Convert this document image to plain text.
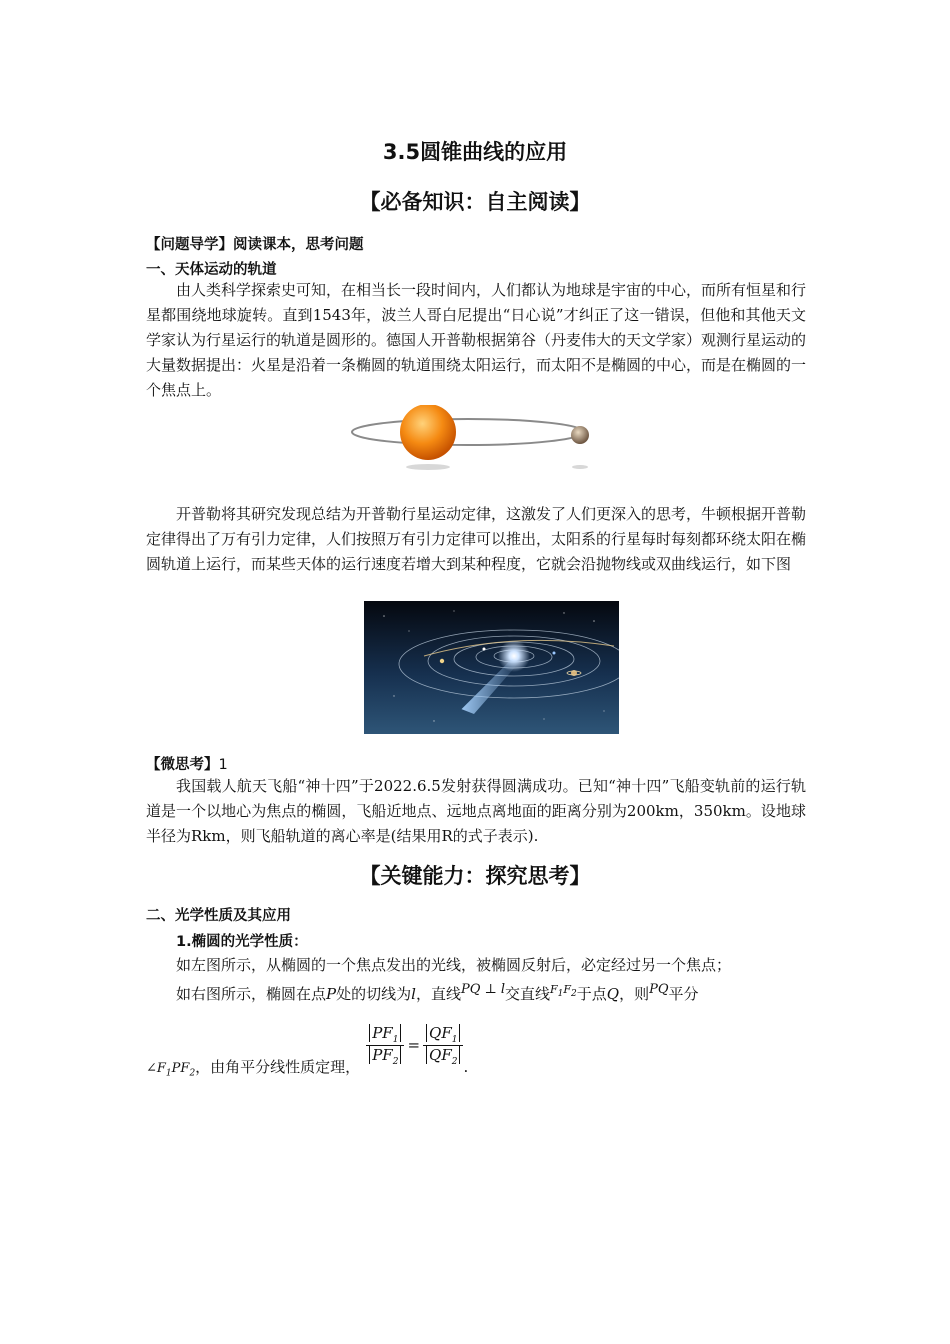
3.5圆锥曲线的应用
【必备知识：自主阅读】
【问题导学】阅读课本，思考问题
一、天体运动的轨道
由人类科学探索史可知，在相当长一段时间内，人们都认为地球是宇宙的中心，而所有恒星和行星都围绕地球旋转。直到1543年，波兰人哥白尼提出“日心说”才纠正了这一错误，但他和其他天文学家认为行星运行的轨道是圆形的。德国人开普勒根据第谷（丹麦伟大的天文学家）观测行星运动的大量数据提出：火星是沿着一条椭圆的轨道围绕太阳运行，而太阳不是椭圆的中心，而是在椭圆的一个焦点上。
开普勒将其研究发现总结为开普勒行星运动定律，这激发了人们更深入的思考，牛顿根据开普勒定律得出了万有引力定律，人们按照万有引力定律可以推出，太阳系的行星每时每刻都环绕太阳在椭圆轨道上运行，而某些天体的运行速度若增大到某种程度，它就会沿抛物线或双曲线运行，如下图
【微思考】1
我国载人航天飞船“神十四”于2022.6.5发射获得圆满成功。已知“神十四”飞船变轨前的运行轨道是一个以地心为焦点的椭圆，飞船近地点、远地点离地面的距离分别为200km，350km。设地球半径为Rkm，则飞船轨道的离心率是(结果用R的式子表示).
【关键能力：探究思考】
二、光学性质及其应用
1.椭圆的光学性质：
如左图所示，从椭圆的一个焦点发出的光线，被椭圆反射后，必定经过另一个焦点；
如右图所示，椭圆在点P处的切线为l，直线PQ ⊥ l交直线$^{F_1F_2}$于点Q，则PQ平分
$\angle F_1PF_2$，由角平分线性质定理， $\frac{PF_1}{PF_2} = \frac{QF_1}{QF_2}$ .
